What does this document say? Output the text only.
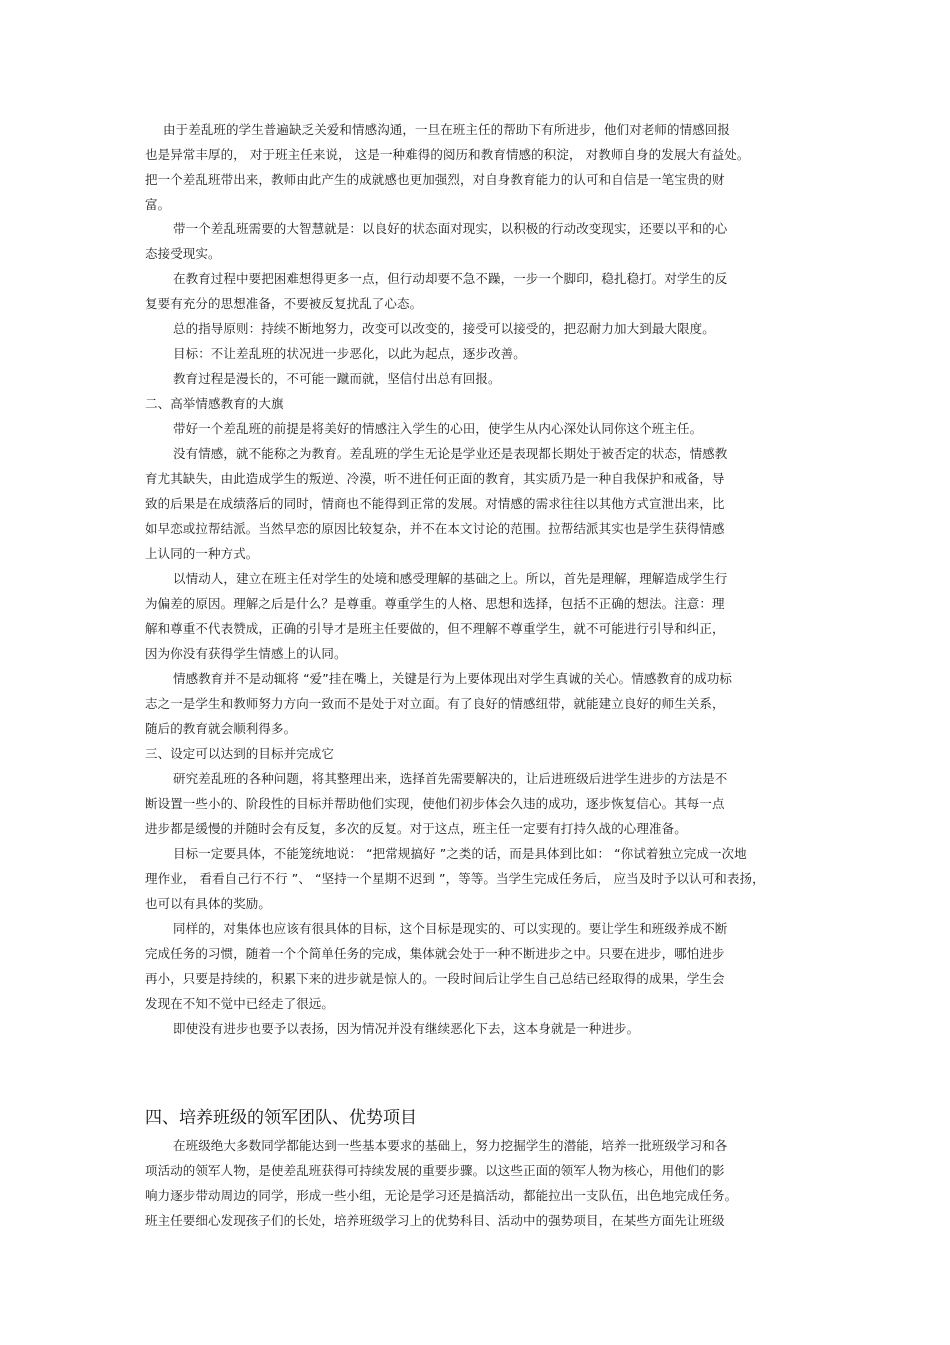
由于差乱班的学生普遍缺乏关爱和情感沟通，一旦在班主任的帮助下有所进步，他们对老师的情感回报
也是异常丰厚的， 对于班主任来说， 这是一种难得的阅历和教育情感的积淀， 对教师自身的发展大有益处。
把一个差乱班带出来，教师由此产生的成就感也更加强烈，对自身教育能力的认可和自信是一笔宝贵的财
富。
带一个差乱班需要的大智慧就是：以良好的状态面对现实，以积极的行动改变现实，还要以平和的心
态接受现实。
在教育过程中要把困难想得更多一点，但行动却要不急不躁，一步一个脚印，稳扎稳打。对学生的反
复要有充分的思想准备，不要被反复扰乱了心态。
总的指导原则：持续不断地努力，改变可以改变的，接受可以接受的，把忍耐力加大到最大限度。
目标：不让差乱班的状况进一步恶化，以此为起点，逐步改善。
教育过程是漫长的，不可能一蹴而就，坚信付出总有回报。
二、高举情感教育的大旗
带好一个差乱班的前提是将美好的情感注入学生的心田，使学生从内心深处认同你这个班主任。
没有情感，就不能称之为教育。差乱班的学生无论是学业还是表现都长期处于被否定的状态，情感教
育尤其缺失，由此造成学生的叛逆、冷漠，听不进任何正面的教育，其实质乃是一种自我保护和戒备，导
致的后果是在成绩落后的同时，情商也不能得到正常的发展。对情感的需求往往以其他方式宣泄出来，比
如早恋或拉帮结派。当然早恋的原因比较复杂，并不在本文讨论的范围。拉帮结派其实也是学生获得情感
上认同的一种方式。
以情动人，建立在班主任对学生的处境和感受理解的基础之上。所以，首先是理解，理解造成学生行
为偏差的原因。理解之后是什么？是尊重。尊重学生的人格、思想和选择，包括不正确的想法。注意：理
解和尊重不代表赞成，正确的引导才是班主任要做的，但不理解不尊重学生，就不可能进行引导和纠正，
因为你没有获得学生情感上的认同。
情感教育并不是动辄将 “爱”挂在嘴上，关键是行为上要体现出对学生真诚的关心。情感教育的成功标
志之一是学生和教师努力方向一致而不是处于对立面。有了良好的情感纽带，就能建立良好的师生关系，
随后的教育就会顺利得多。
三、设定可以达到的目标并完成它
研究差乱班的各种问题，将其整理出来，选择首先需要解决的，让后进班级后进学生进步的方法是不
断设置一些小的、阶段性的目标并帮助他们实现，使他们初步体会久违的成功，逐步恢复信心。其每一点
进步都是缓慢的并随时会有反复，多次的反复。对于这点，班主任一定要有打持久战的心理准备。
目标一定要具体，不能笼统地说： “把常规搞好 ”之类的话，而是具体到比如： “你试着独立完成一次地
理作业， 看看自己行不行 ”、 “坚持一个星期不迟到 ”，等等。当学生完成任务后， 应当及时予以认可和表扬，
也可以有具体的奖励。
同样的，对集体也应该有很具体的目标，这个目标是现实的、可以实现的。要让学生和班级养成不断
完成任务的习惯，随着一个个简单任务的完成，集体就会处于一种不断进步之中。只要在进步，哪怕进步
再小，只要是持续的，积累下来的进步就是惊人的。一段时间后让学生自己总结已经取得的成果，学生会
发现在不知不觉中已经走了很远。
即使没有进步也要予以表扬，因为情况并没有继续恶化下去，这本身就是一种进步。
四、培养班级的领军团队、优势项目
在班级绝大多数同学都能达到一些基本要求的基础上，努力挖掘学生的潜能，培养一批班级学习和各
项活动的领军人物，是使差乱班获得可持续发展的重要步骤。以这些正面的领军人物为核心，用他们的影
响力逐步带动周边的同学，形成一些小组，无论是学习还是搞活动，都能拉出一支队伍，出色地完成任务。
班主任要细心发现孩子们的长处，培养班级学习上的优势科目、活动中的强势项目，在某些方面先让班级
